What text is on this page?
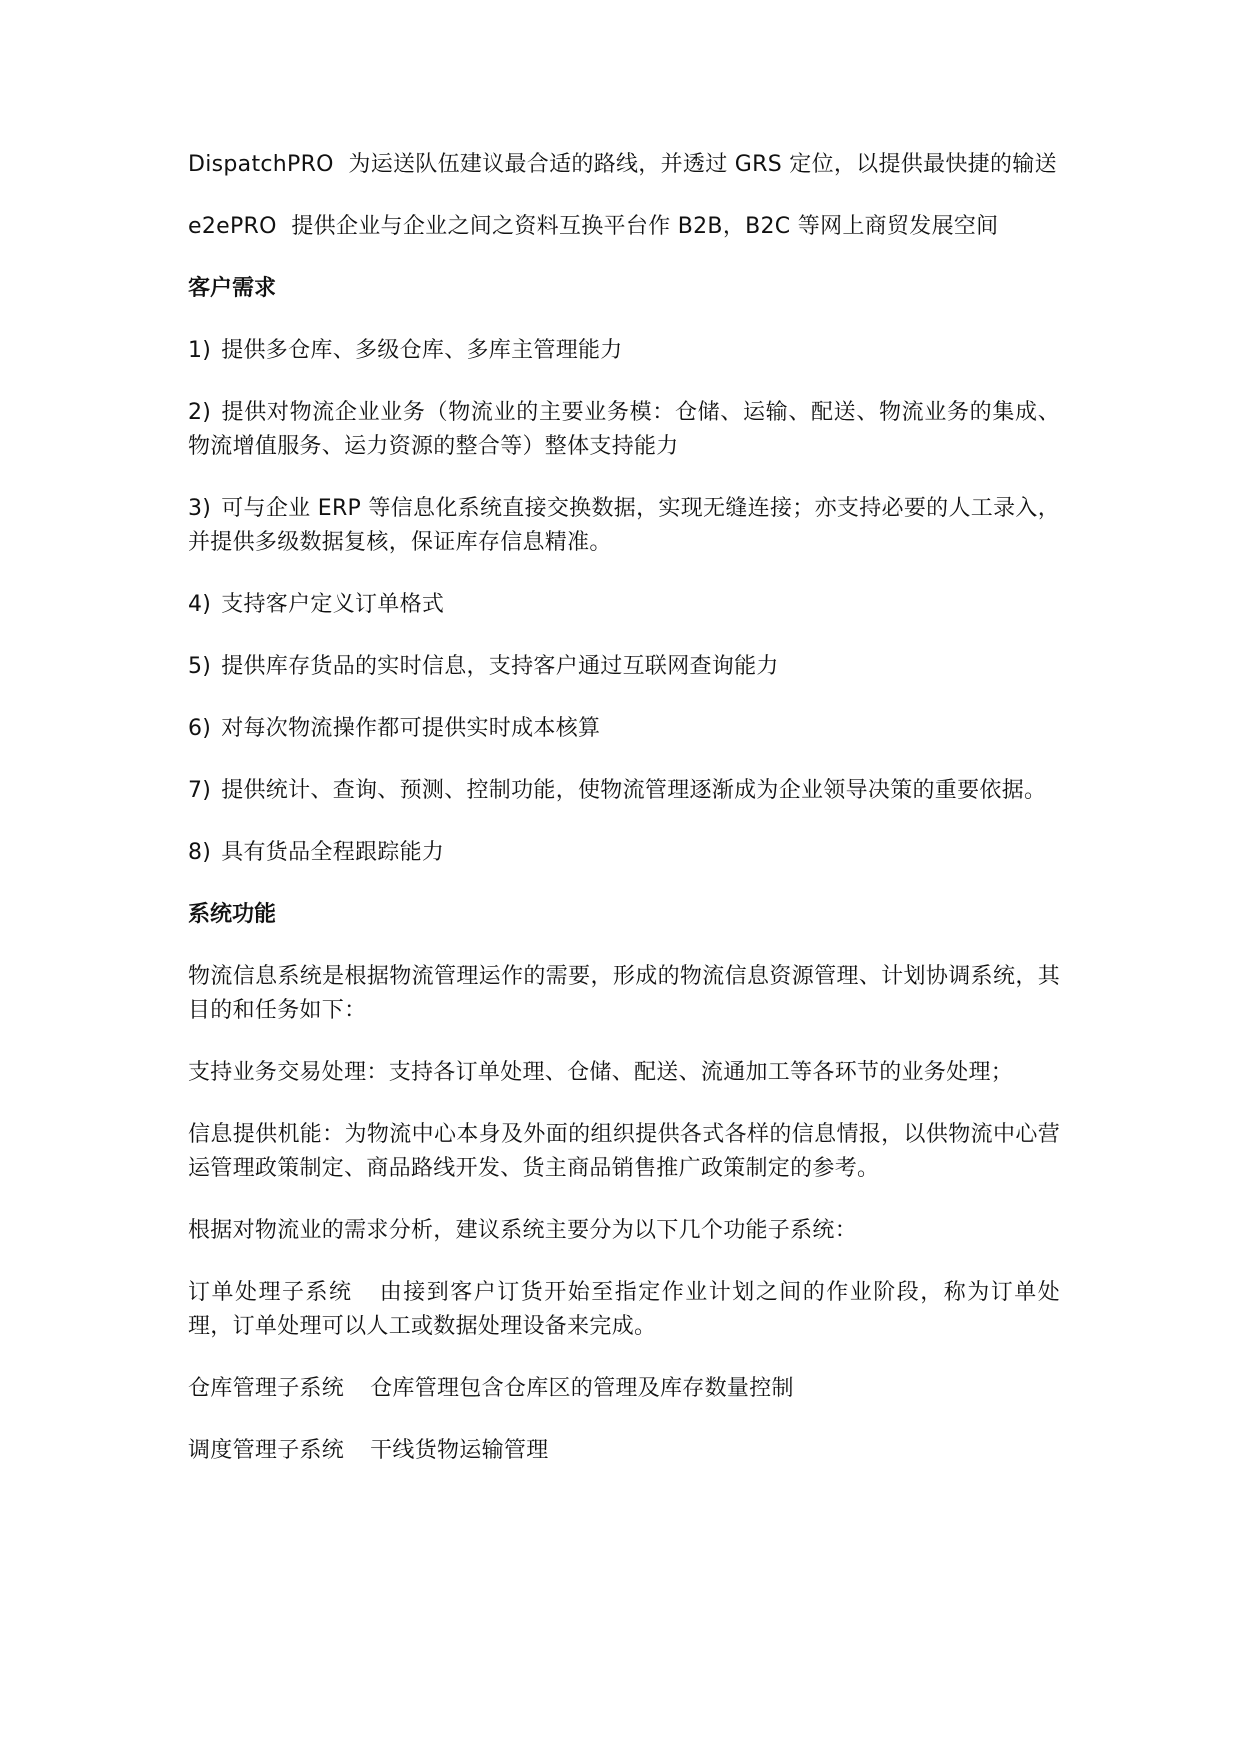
DispatchPRO 为运送队伍建议最合适的路线，并透过 GRS 定位，以提供最快捷的输送

e2ePRO 提供企业与企业之间之资料互换平台作 B2B，B2C 等网上商贸发展空间

客户需求

1) 提供多仓库、多级仓库、多库主管理能力

2) 提供对物流企业业务（物流业的主要业务模：仓储、运输、配送、物流业务的集成、物流增值服务、运力资源的整合等）整体支持能力

3) 可与企业 ERP 等信息化系统直接交换数据，实现无缝连接；亦支持必要的人工录入，并提供多级数据复核，保证库存信息精准。

4) 支持客户定义订单格式

5) 提供库存货品的实时信息，支持客户通过互联网查询能力

6) 对每次物流操作都可提供实时成本核算

7) 提供统计、查询、预测、控制功能，使物流管理逐渐成为企业领导决策的重要依据。

8) 具有货品全程跟踪能力

系统功能

物流信息系统是根据物流管理运作的需要，形成的物流信息资源管理、计划协调系统，其目的和任务如下：

支持业务交易处理：支持各订单处理、仓储、配送、流通加工等各环节的业务处理；

信息提供机能：为物流中心本身及外面的组织提供各式各样的信息情报，以供物流中心营运管理政策制定、商品路线开发、货主商品销售推广政策制定的参考。

根据对物流业的需求分析，建议系统主要分为以下几个功能子系统：

订单处理子系统 由接到客户订货开始至指定作业计划之间的作业阶段，称为订单处理，订单处理可以人工或数据处理设备来完成。

仓库管理子系统 仓库管理包含仓库区的管理及库存数量控制

调度管理子系统 干线货物运输管理
